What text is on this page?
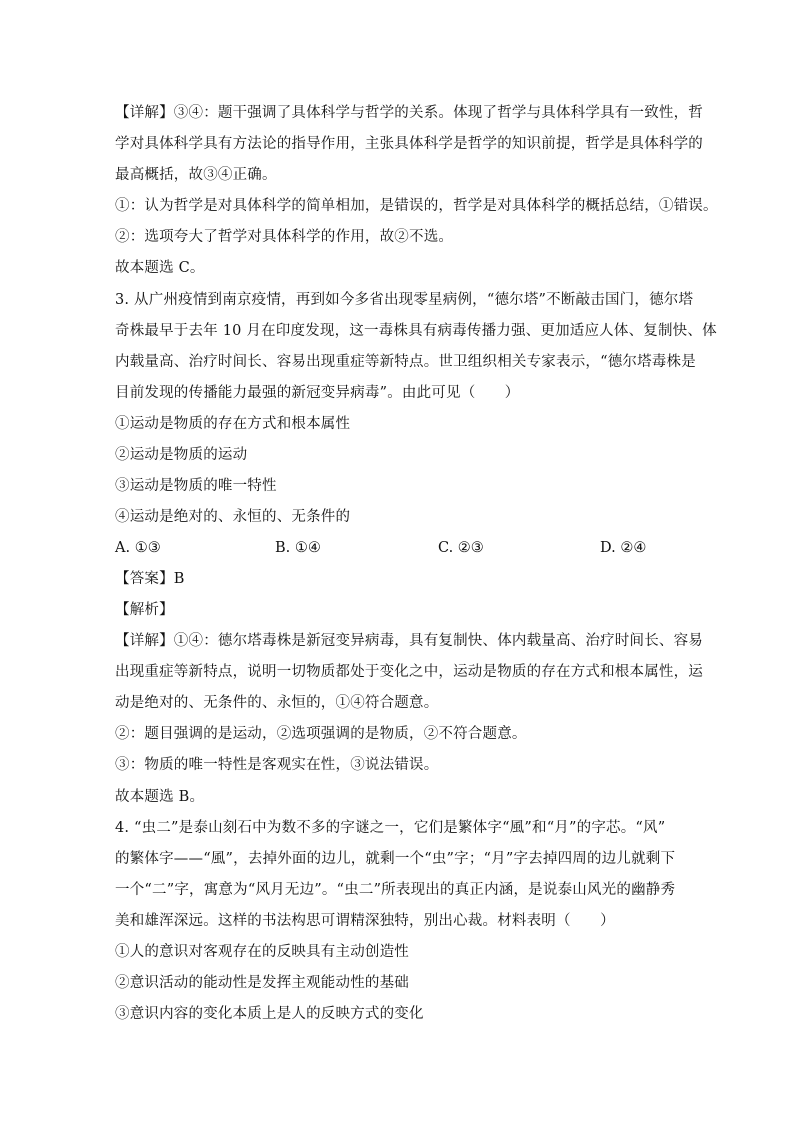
【详解】③④：题干强调了具体科学与哲学的关系。体现了哲学与具体科学具有一致性，哲
学对具体科学具有方法论的指导作用，主张具体科学是哲学的知识前提，哲学是具体科学的
最高概括，故③④正确。
①：认为哲学是对具体科学的简单相加，是错误的，哲学是对具体科学的概括总结，①错误。
②：选项夸大了哲学对具体科学的作用，故②不选。
故本题选 C。
3. 从广州疫情到南京疫情，再到如今多省出现零星病例，“德尔塔”不断敲击国门，德尔塔
奇株最早于去年 10 月在印度发现，这一毒株具有病毒传播力强、更加适应人体、复制快、体
内载量高、治疗时间长、容易出现重症等新特点。世卫组织相关专家表示，“德尔塔毒株是
目前发现的传播能力最强的新冠变异病毒”。由此可见（　　）
①运动是物质的存在方式和根本属性
②运动是物质的运动
③运动是物质的唯一特性
④运动是绝对的、永恒的、无条件的
A. ①③	B. ①④	C. ②③	D. ②④
【答案】B
【解析】
【详解】①④：德尔塔毒株是新冠变异病毒，具有复制快、体内载量高、治疗时间长、容易
出现重症等新特点，说明一切物质都处于变化之中，运动是物质的存在方式和根本属性，运
动是绝对的、无条件的、永恒的，①④符合题意。
②：题目强调的是运动，②选项强调的是物质，②不符合题意。
③：物质的唯一特性是客观实在性，③说法错误。
故本题选 B。
4. “虫二”是泰山刻石中为数不多的字谜之一，它们是繁体字“風”和“月”的字芯。“风”
的繁体字——“風”，去掉外面的边儿，就剩一个“虫”字；“月”字去掉四周的边儿就剩下
一个“二”字，寓意为“风月无边”。“虫二”所表现出的真正内涵，是说泰山风光的幽静秀
美和雄浑深远。这样的书法构思可谓精深独特，别出心裁。材料表明（　　）
①人的意识对客观存在的反映具有主动创造性
②意识活动的能动性是发挥主观能动性的基础
③意识内容的变化本质上是人的反映方式的变化
